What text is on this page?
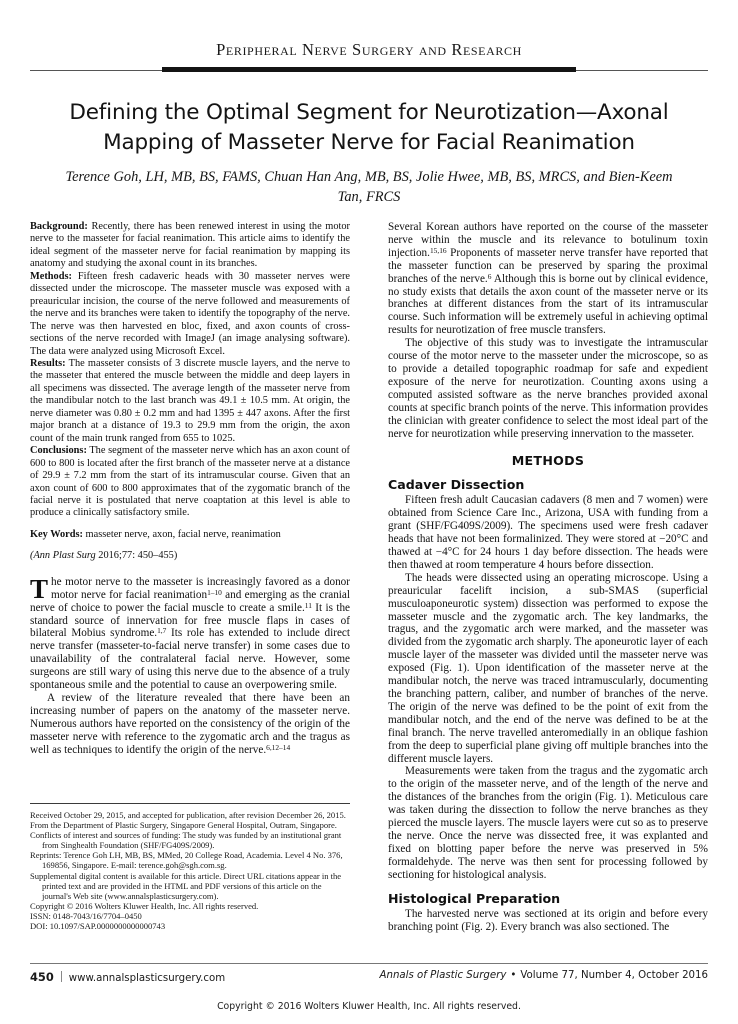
Peripheral Nerve Surgery and Research
Defining the Optimal Segment for Neurotization—Axonal Mapping of Masseter Nerve for Facial Reanimation
Terence Goh, LH, MB, BS, FAMS, Chuan Han Ang, MB, BS, Jolie Hwee, MB, BS, MRCS, and Bien-Keem Tan, FRCS

Background: Recently, there has been renewed interest in using the motor nerve to the masseter for facial reanimation. This article aims to identify the ideal segment of the masseter nerve for facial reanimation by mapping its anatomy and studying the axonal count in its branches.

Methods: Fifteen fresh cadaveric heads with 30 masseter nerves were dissected under the microscope. The masseter muscle was exposed with a preauricular incision, the course of the nerve followed and measurements of the nerve and its branches were taken to identify the topography of the nerve. The nerve was then harvested en bloc, fixed, and axon counts of cross-sections of the nerve recorded with ImageJ (an image analysing software). The data were analyzed using Microsoft Excel.

Results: The masseter consists of 3 discrete muscle layers, and the nerve to the masseter that entered the muscle between the middle and deep layers in all specimens was dissected. The average length of the masseter nerve from the mandibular notch to the last branch was 49.1 ± 10.5 mm. At origin, the nerve diameter was 0.80 ± 0.2 mm and had 1395 ± 447 axons. After the first major branch at a distance of 19.3 to 29.9 mm from the origin, the axon count of the main trunk ranged from 655 to 1025.

Conclusions: The segment of the masseter nerve which has an axon count of 600 to 800 is located after the first branch of the masseter nerve at a distance of 29.9 ± 7.2 mm from the start of its intramuscular course. Given that an axon count of 600 to 800 approximates that of the zygomatic branch of the facial nerve it is postulated that nerve coaptation at this level is able to produce a clinically satisfactory smile.

Key Words: masseter nerve, axon, facial nerve, reanimation

(Ann Plast Surg 2016;77: 450–455)

The motor nerve to the masseter is increasingly favored as a donor motor nerve for facial reanimation$^{1-10}$ and emerging as the cranial nerve of choice to power the facial muscle to create a smile.$^{11}$ It is the standard source of innervation for free muscle flaps in cases of bilateral Mobius syndrome.$^{1,7}$ Its role has extended to include direct nerve transfer (masseter-to-facial nerve transfer) in some cases due to unavailability of the contralateral facial nerve. However, some surgeons are still wary of using this nerve due to the absence of a truly spontaneous smile and the potential to cause an overpowering smile.

A review of the literature revealed that there have been an increasing number of papers on the anatomy of the masseter nerve. Numerous authors have reported on the consistency of the origin of the masseter nerve with reference to the zygomatic arch and the tragus as well as techniques to identify the origin of the nerve.$^{6,12-14}$

Several Korean authors have reported on the course of the masseter nerve within the muscle and its relevance to botulinum toxin injection.$^{15,16}$ Proponents of masseter nerve transfer have reported that the masseter function can be preserved by sparing the proximal branches of the nerve.$^6$ Although this is borne out by clinical evidence, no study exists that details the axon count of the masseter nerve or its branches at different distances from the start of its intramuscular course. Such information will be extremely useful in achieving optimal results for neurotization of free muscle transfers.

The objective of this study was to investigate the intramuscular course of the motor nerve to the masseter under the microscope, so as to provide a detailed topographic roadmap for safe and expedient exposure of the nerve for neurotization. Counting axons using a computed assisted software as the nerve branches provided axonal counts at specific branch points of the nerve. This information provides the clinician with greater confidence to select the most ideal part of the nerve for neurotization while preserving innervation to the masseter.

METHODS
Cadaver Dissection

Fifteen fresh adult Caucasian cadavers (8 men and 7 women) were obtained from Science Care Inc., Arizona, USA with funding from a grant (SHF/FG409S/2009). The specimens used were fresh cadaver heads that have not been formalinized. They were stored at −20°C and thawed at −4°C for 24 hours 1 day before dissection. The heads were then thawed at room temperature 4 hours before dissection.

The heads were dissected using an operating microscope. Using a preauricular facelift incision, a sub-SMAS (superficial musculoaponeurotic system) dissection was performed to expose the masseter muscle and the zygomatic arch. The key landmarks, the tragus, and the zygomatic arch were marked, and the masseter was divided from the zygomatic arch sharply. The aponeurotic layer of each muscle layer of the masseter was divided until the masseter nerve was exposed (Fig. 1). Upon identification of the masseter nerve at the mandibular notch, the nerve was traced intramuscularly, documenting the branching pattern, caliber, and number of branches of the nerve. The origin of the nerve was defined to be the point of exit from the mandibular notch, and the end of the nerve was defined to be at the final branch. The nerve travelled anteromedially in an oblique fashion from the deep to superficial plane giving off multiple branches into the different muscle layers.

Measurements were taken from the tragus and the zygomatic arch to the origin of the masseter nerve, and of the length of the nerve and the distances of the branches from the origin (Fig. 1). Meticulous care was taken during the dissection to follow the nerve branches as they pierced the muscle layers. The muscle layers were cut so as to preserve the nerve. Once the nerve was dissected free, it was explanted and fixed on blotting paper before the nerve was preserved in 5% formaldehyde. The nerve was then sent for processing followed by sectioning for histological analysis.

Histological Preparation

The harvested nerve was sectioned at its origin and before every branching point (Fig. 2). Every branch was also sectioned. The

Received October 29, 2015, and accepted for publication, after revision December 26, 2015.

From the Department of Plastic Surgery, Singapore General Hospital, Outram, Singapore.

Conflicts of interest and sources of funding: The study was funded by an institutional grant from Singhealth Foundation (SHF/FG409S/2009).

Reprints: Terence Goh LH, MB, BS, MMed, 20 College Road, Academia. Level 4 No. 376, 169856, Singapore. E-mail: terence.goh@sgh.com.sg.

Supplemental digital content is available for this article. Direct URL citations appear in the printed text and are provided in the HTML and PDF versions of this article on the journal's Web site (www.annalsplasticsurgery.com).

Copyright © 2016 Wolters Kluwer Health, Inc. All rights reserved.

ISSN: 0148-7043/16/7704–0450

DOI: 10.1097/SAP.0000000000000743

450 www.annalsplasticsurgery.com	Annals of Plastic Surgery • Volume 77, Number 4, October 2016
Copyright © 2016 Wolters Kluwer Health, Inc. All rights reserved.
